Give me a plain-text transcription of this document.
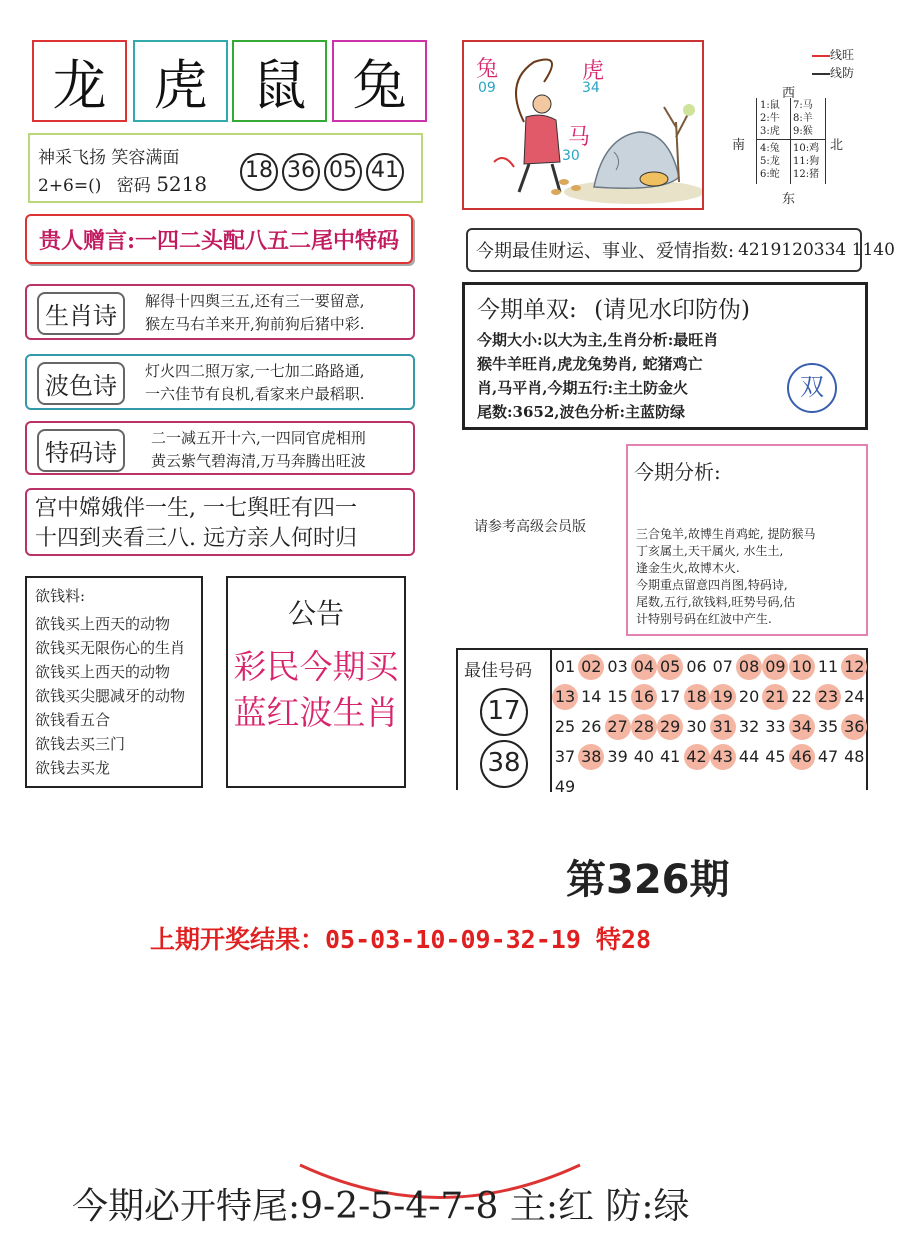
龙 虎 鼠 兔
神采飞扬 笑容满面
2+6=() 密码 5218
18 36 05 41
贵人赠言:一四二头配八五二尾中特码
生肖诗
解得十四舆三五,还有三一要留意,
猴左马右羊来开,狗前狗后猪中彩.
波色诗
灯火四二照万家,一七加二路路通,
一六佳节有良机,看家来户最稻职.
特码诗
二一减五开十六,一四同官虎相刑
黄云紫气碧海清,万马奔腾出旺波
宫中嫦娥伴一生, 一七舆旺有四一
十四到夹看三八. 远方亲人何时归
欲钱料:
欲钱买上西天的动物
欲钱买无限伤心的生肖
欲钱买上西天的动物
欲钱买尖腮减牙的动物
欲钱看五合
欲钱去买三门
欲钱去买龙
公告
彩民今期买
蓝红波生肖
兔
09
虎
34
马
30
线旺
线防
西
南	北
东
1:鼠
2:牛
3:虎
7:马
8:羊
9:猴
4:兔
5:龙
6:蛇
10:鸡
11:狗
12:猪
今期最佳财运、事业、爱情指数: 4219120334 1140
今期单双: (请见水印防伪)
今期大小:以大为主,生肖分析:最旺肖
猴牛羊旺肖,虎龙兔势肖, 蛇猪鸡亡
肖,马平肖,今期五行:主土防金火
尾数:3652,波色分析:主蓝防绿
双
今期分析:
三合兔羊,故博生肖鸡蛇, 提防猴马
丁亥属土,天干属火, 水生土,
逢金生火,故博木火.
今期重点留意四肖图,特码诗,
尾数,五行,欲钱料,旺势号码,估
计特别号码在红波中产生.
请参考高级会员版
最佳号码
17
38
01 02 03 04 05 06 07 08 09 10 11 12
13 14 15 16 17 18 19 20 21 22 23 24
25 26 27 28 29 30 31 32 33 34 35 36
37 38 39 40 41 42 43 44 45 46 47 48
49
第326期
上期开奖结果：05-03-10-09-32-19 特28
今期必开特尾:9-2-5-4-7-8 主:红 防:绿
